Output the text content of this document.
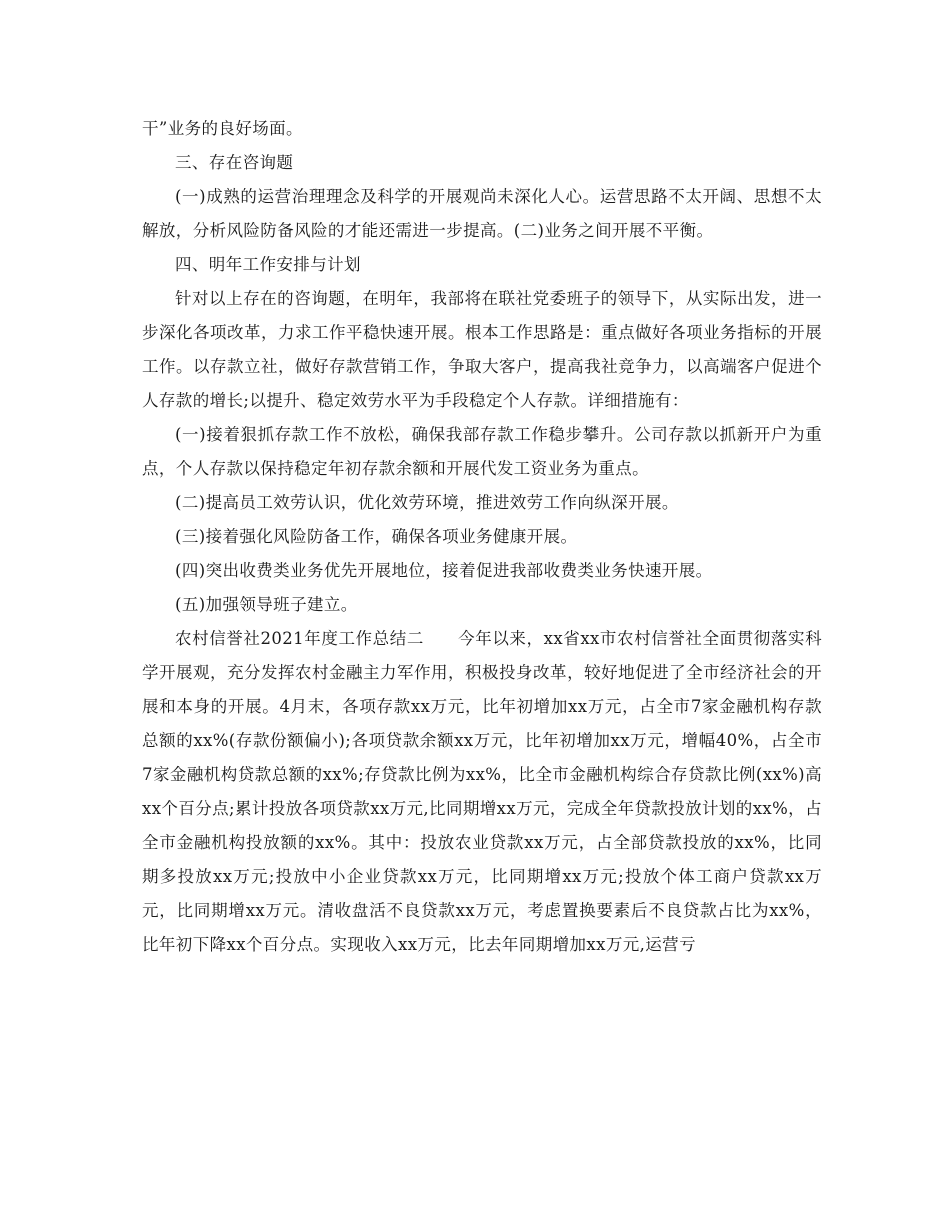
干”业务的良好场面。

三、存在咨询题

(一)成熟的运营治理理念及科学的开展观尚未深化人心。运营思路不太开阔、思想不太解放，分析风险防备风险的才能还需进一步提高。(二)业务之间开展不平衡。

四、明年工作安排与计划

针对以上存在的咨询题，在明年，我部将在联社党委班子的领导下，从实际出发，进一步深化各项改革，力求工作平稳快速开展。根本工作思路是：重点做好各项业务指标的开展工作。以存款立社，做好存款营销工作，争取大客户，提高我社竞争力，以高端客户促进个人存款的增长;以提升、稳定效劳水平为手段稳定个人存款。详细措施有：

(一)接着狠抓存款工作不放松，确保我部存款工作稳步攀升。公司存款以抓新开户为重点，个人存款以保持稳定年初存款余额和开展代发工资业务为重点。

(二)提高员工效劳认识，优化效劳环境，推进效劳工作向纵深开展。

(三)接着强化风险防备工作，确保各项业务健康开展。

(四)突出收费类业务优先开展地位，接着促进我部收费类业务快速开展。

(五)加强领导班子建立。

农村信誉社2021年度工作总结二　　今年以来，xx省xx市农村信誉社全面贯彻落实科学开展观，充分发挥农村金融主力军作用，积极投身改革，较好地促进了全市经济社会的开展和本身的开展。4月末，各项存款xx万元，比年初增加xx万元，占全市7家金融机构存款总额的xx%(存款份额偏小);各项贷款余额xx万元，比年初增加xx万元，增幅40%，占全市7家金融机构贷款总额的xx%;存贷款比例为xx%，比全市金融机构综合存贷款比例(xx%)高xx个百分点;累计投放各项贷款xx万元,比同期增xx万元，完成全年贷款投放计划的xx%，占全市金融机构投放额的xx%。其中：投放农业贷款xx万元，占全部贷款投放的xx%，比同期多投放xx万元;投放中小企业贷款xx万元，比同期增xx万元;投放个体工商户贷款xx万元，比同期增xx万元。清收盘活不良贷款xx万元，考虑置换要素后不良贷款占比为xx%，比年初下降xx个百分点。实现收入xx万元，比去年同期增加xx万元,运营亏
